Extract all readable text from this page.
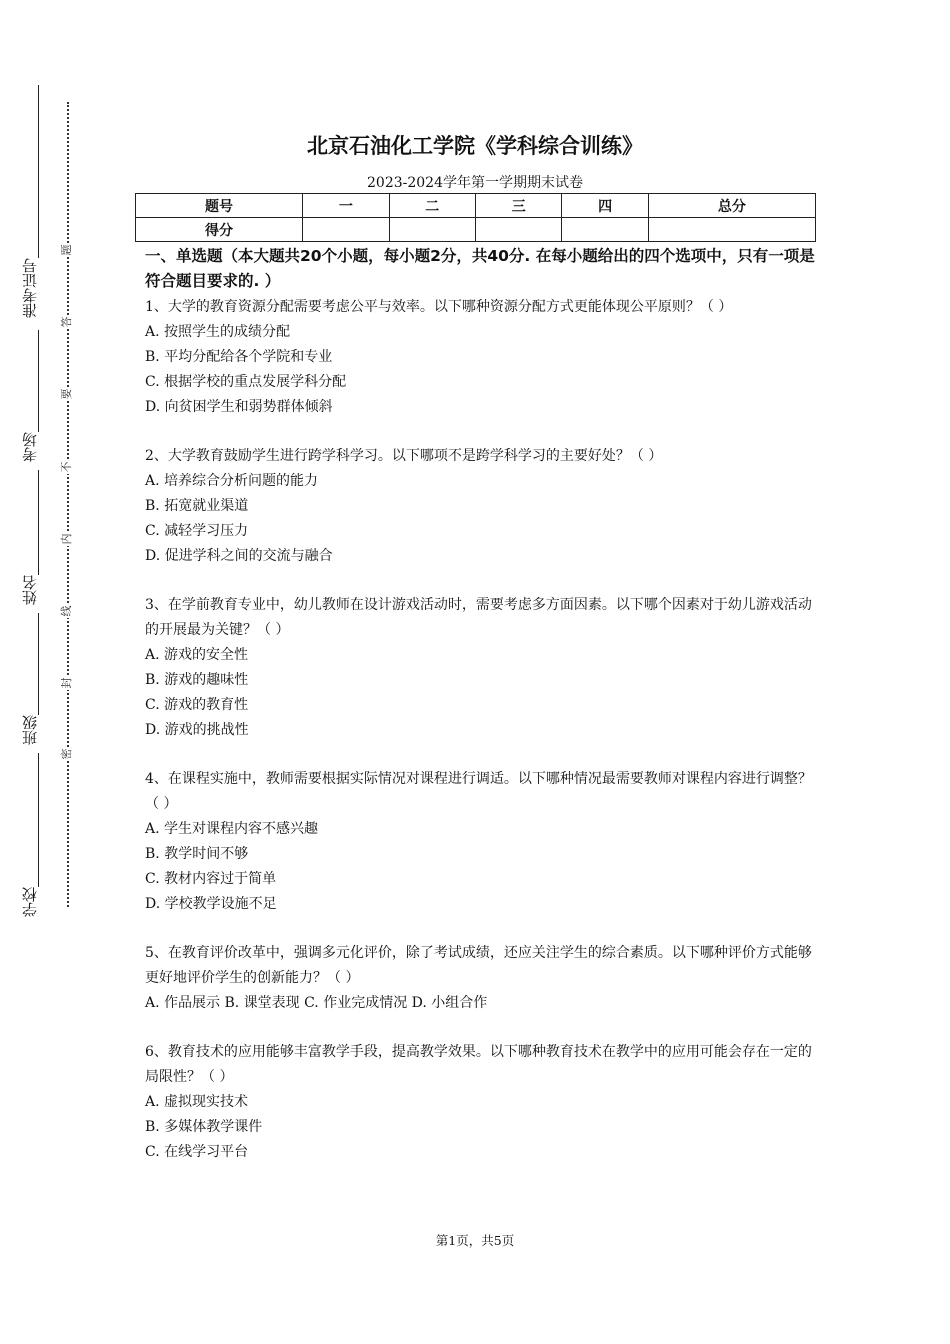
准考证号
考场
姓名
班级
学校
题
答
要
不
内
线
封
密
北京石油化工学院《学科综合训练》
2023-2024学年第一学期期末试卷
题号	一	二	三	四	总分
得分					
一、单选题（本大题共20个小题，每小题2分，共40分. 在每小题给出的四个选项中，只有一项是符合题目要求的. ）
1、大学的教育资源分配需要考虑公平与效率。以下哪种资源分配方式更能体现公平原则？（ ）
A. 按照学生的成绩分配
B. 平均分配给各个学院和专业
C. 根据学校的重点发展学科分配
D. 向贫困学生和弱势群体倾斜
2、大学教育鼓励学生进行跨学科学习。以下哪项不是跨学科学习的主要好处？（ ）
A. 培养综合分析问题的能力
B. 拓宽就业渠道
C. 减轻学习压力
D. 促进学科之间的交流与融合
3、在学前教育专业中，幼儿教师在设计游戏活动时，需要考虑多方面因素。以下哪个因素对于幼儿游戏活动的开展最为关键？（ ）
A. 游戏的安全性
B. 游戏的趣味性
C. 游戏的教育性
D. 游戏的挑战性
4、在课程实施中，教师需要根据实际情况对课程进行调适。以下哪种情况最需要教师对课程内容进行调整？（ ）
A. 学生对课程内容不感兴趣
B. 教学时间不够
C. 教材内容过于简单
D. 学校教学设施不足
5、在教育评价改革中，强调多元化评价，除了考试成绩，还应关注学生的综合素质。以下哪种评价方式能够更好地评价学生的创新能力？（ ）
A. 作品展示 B. 课堂表现 C. 作业完成情况 D. 小组合作
6、教育技术的应用能够丰富教学手段，提高教学效果。以下哪种教育技术在教学中的应用可能会存在一定的局限性？（ ）
A. 虚拟现实技术
B. 多媒体教学课件
C. 在线学习平台
第1页，共5页
